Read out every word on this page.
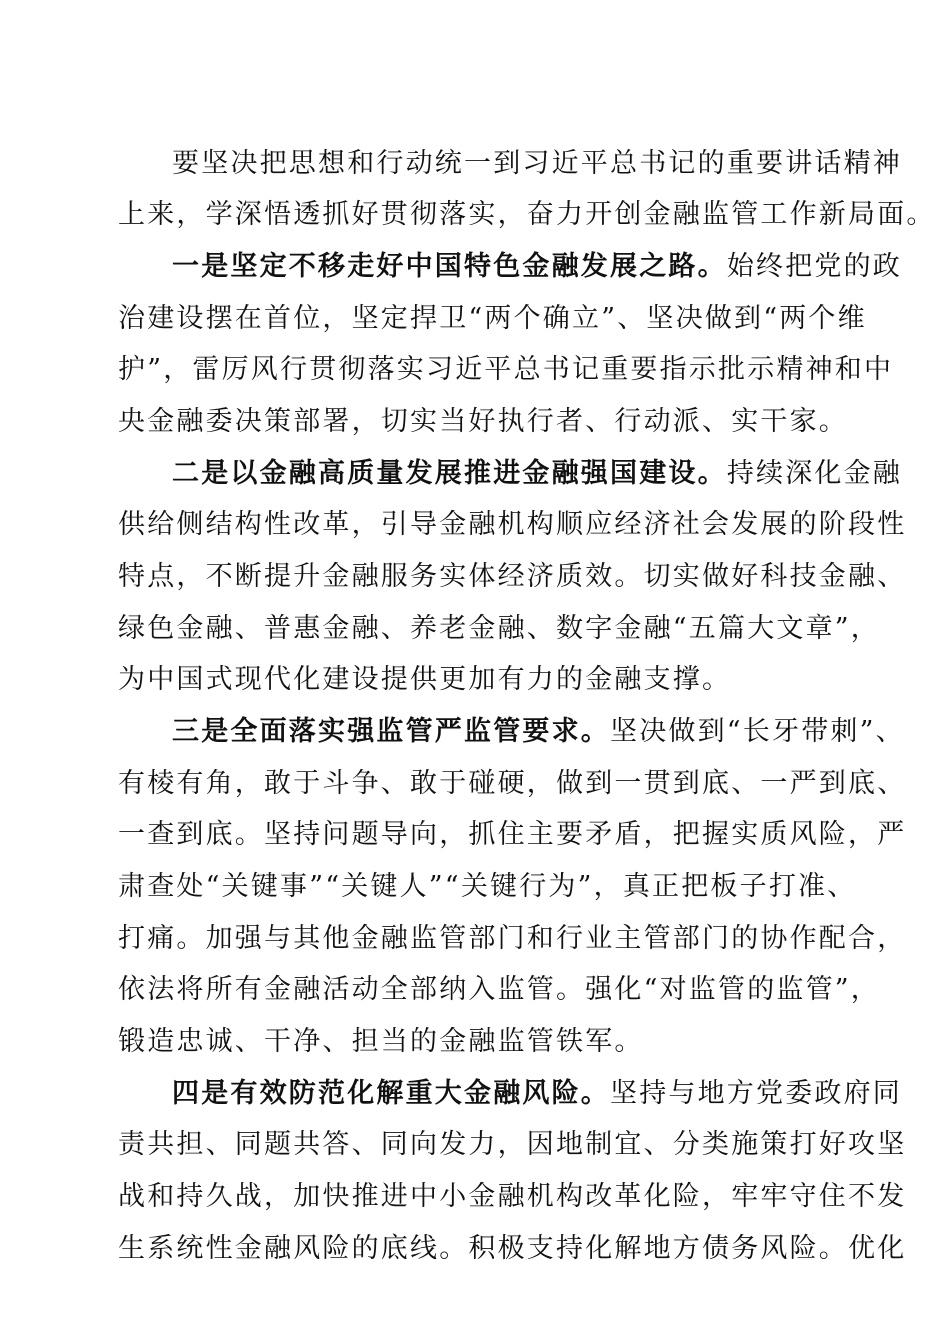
要坚决把思想和行动统一到习近平总书记的重要讲话精神
上来，学深悟透抓好贯彻落实，奋力开创金融监管工作新局面。
一是坚定不移走好中国特色金融发展之路。始终把党的政
治建设摆在首位，坚定捍卫“两个确立”、坚决做到“两个维
护”，雷厉风行贯彻落实习近平总书记重要指示批示精神和中
央金融委决策部署，切实当好执行者、行动派、实干家。
二是以金融高质量发展推进金融强国建设。持续深化金融
供给侧结构性改革，引导金融机构顺应经济社会发展的阶段性
特点，不断提升金融服务实体经济质效。切实做好科技金融、
绿色金融、普惠金融、养老金融、数字金融“五篇大文章”，
为中国式现代化建设提供更加有力的金融支撑。
三是全面落实强监管严监管要求。坚决做到“长牙带刺”、
有棱有角，敢于斗争、敢于碰硬，做到一贯到底、一严到底、
一查到底。坚持问题导向，抓住主要矛盾，把握实质风险，严
肃查处“关键事”“关键人”“关键行为”，真正把板子打准、
打痛。加强与其他金融监管部门和行业主管部门的协作配合，
依法将所有金融活动全部纳入监管。强化“对监管的监管”，
锻造忠诚、干净、担当的金融监管铁军。
四是有效防范化解重大金融风险。坚持与地方党委政府同
责共担、同题共答、同向发力，因地制宜、分类施策打好攻坚
战和持久战，加快推进中小金融机构改革化险，牢牢守住不发
生系统性金融风险的底线。积极支持化解地方债务风险。优化
